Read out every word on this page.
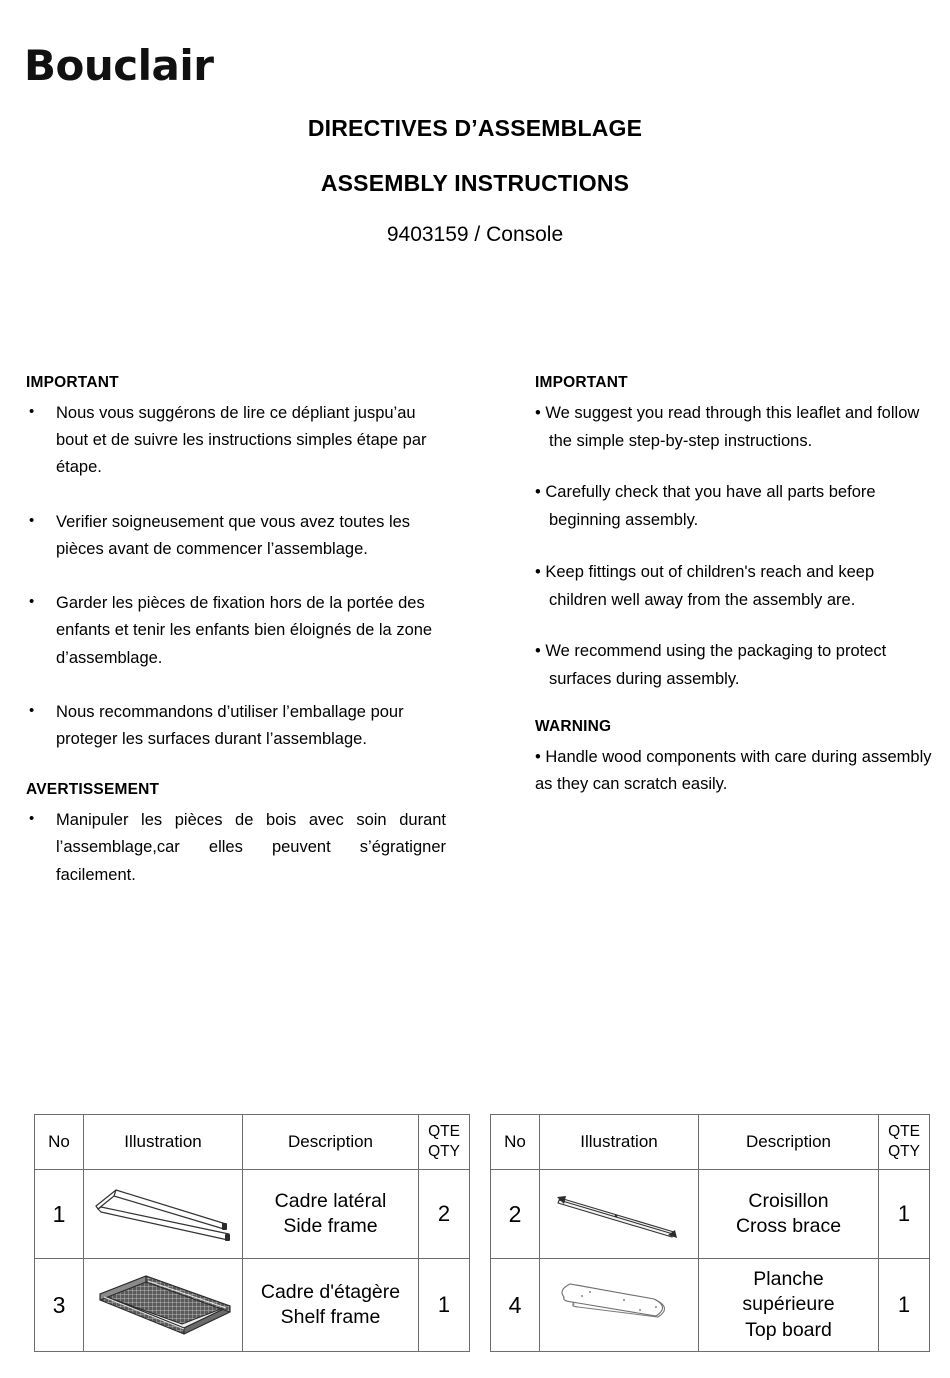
Bouclair
DIRECTIVES D’ASSEMBLAGE
ASSEMBLY INSTRUCTIONS
9403159 / Console
IMPORTANT
• Nous vous suggérons de lire ce dépliant juspu’au bout et de suivre les instructions simples étape par étape.
• Verifier soigneusement que vous avez toutes les pièces avant de commencer l’assemblage.
• Garder les pièces de fixation hors de la portée des enfants et tenir les enfants bien éloignés de la zone d’assemblage.
• Nous recommandons d’utiliser l’emballage pour proteger les surfaces durant l’assemblage.
AVERTISSEMENT
• Manipuler les pièces de bois avec soin durant l’assemblage,car elles peuvent s’égratigner facilement.
IMPORTANT

• We suggest you read through this leaflet and follow the simple step-by-step instructions.

• Carefully check that you have all parts before beginning assembly.

• Keep fittings out of children's reach and keep children well away from the assembly are.

• We recommend using the packaging to protect surfaces during assembly.

WARNING

• Handle wood components with care during assembly as they can scratch easily.

No	Illustration	Description	QTE
QTY

1		Cadre latéral
Side frame	2
3		Cadre d'étagère
Shelf frame	1
No	Illustration	Description	QTE
QTY

2		Croisillon
Cross brace	1
4		Planche
supérieure
Top board	1
